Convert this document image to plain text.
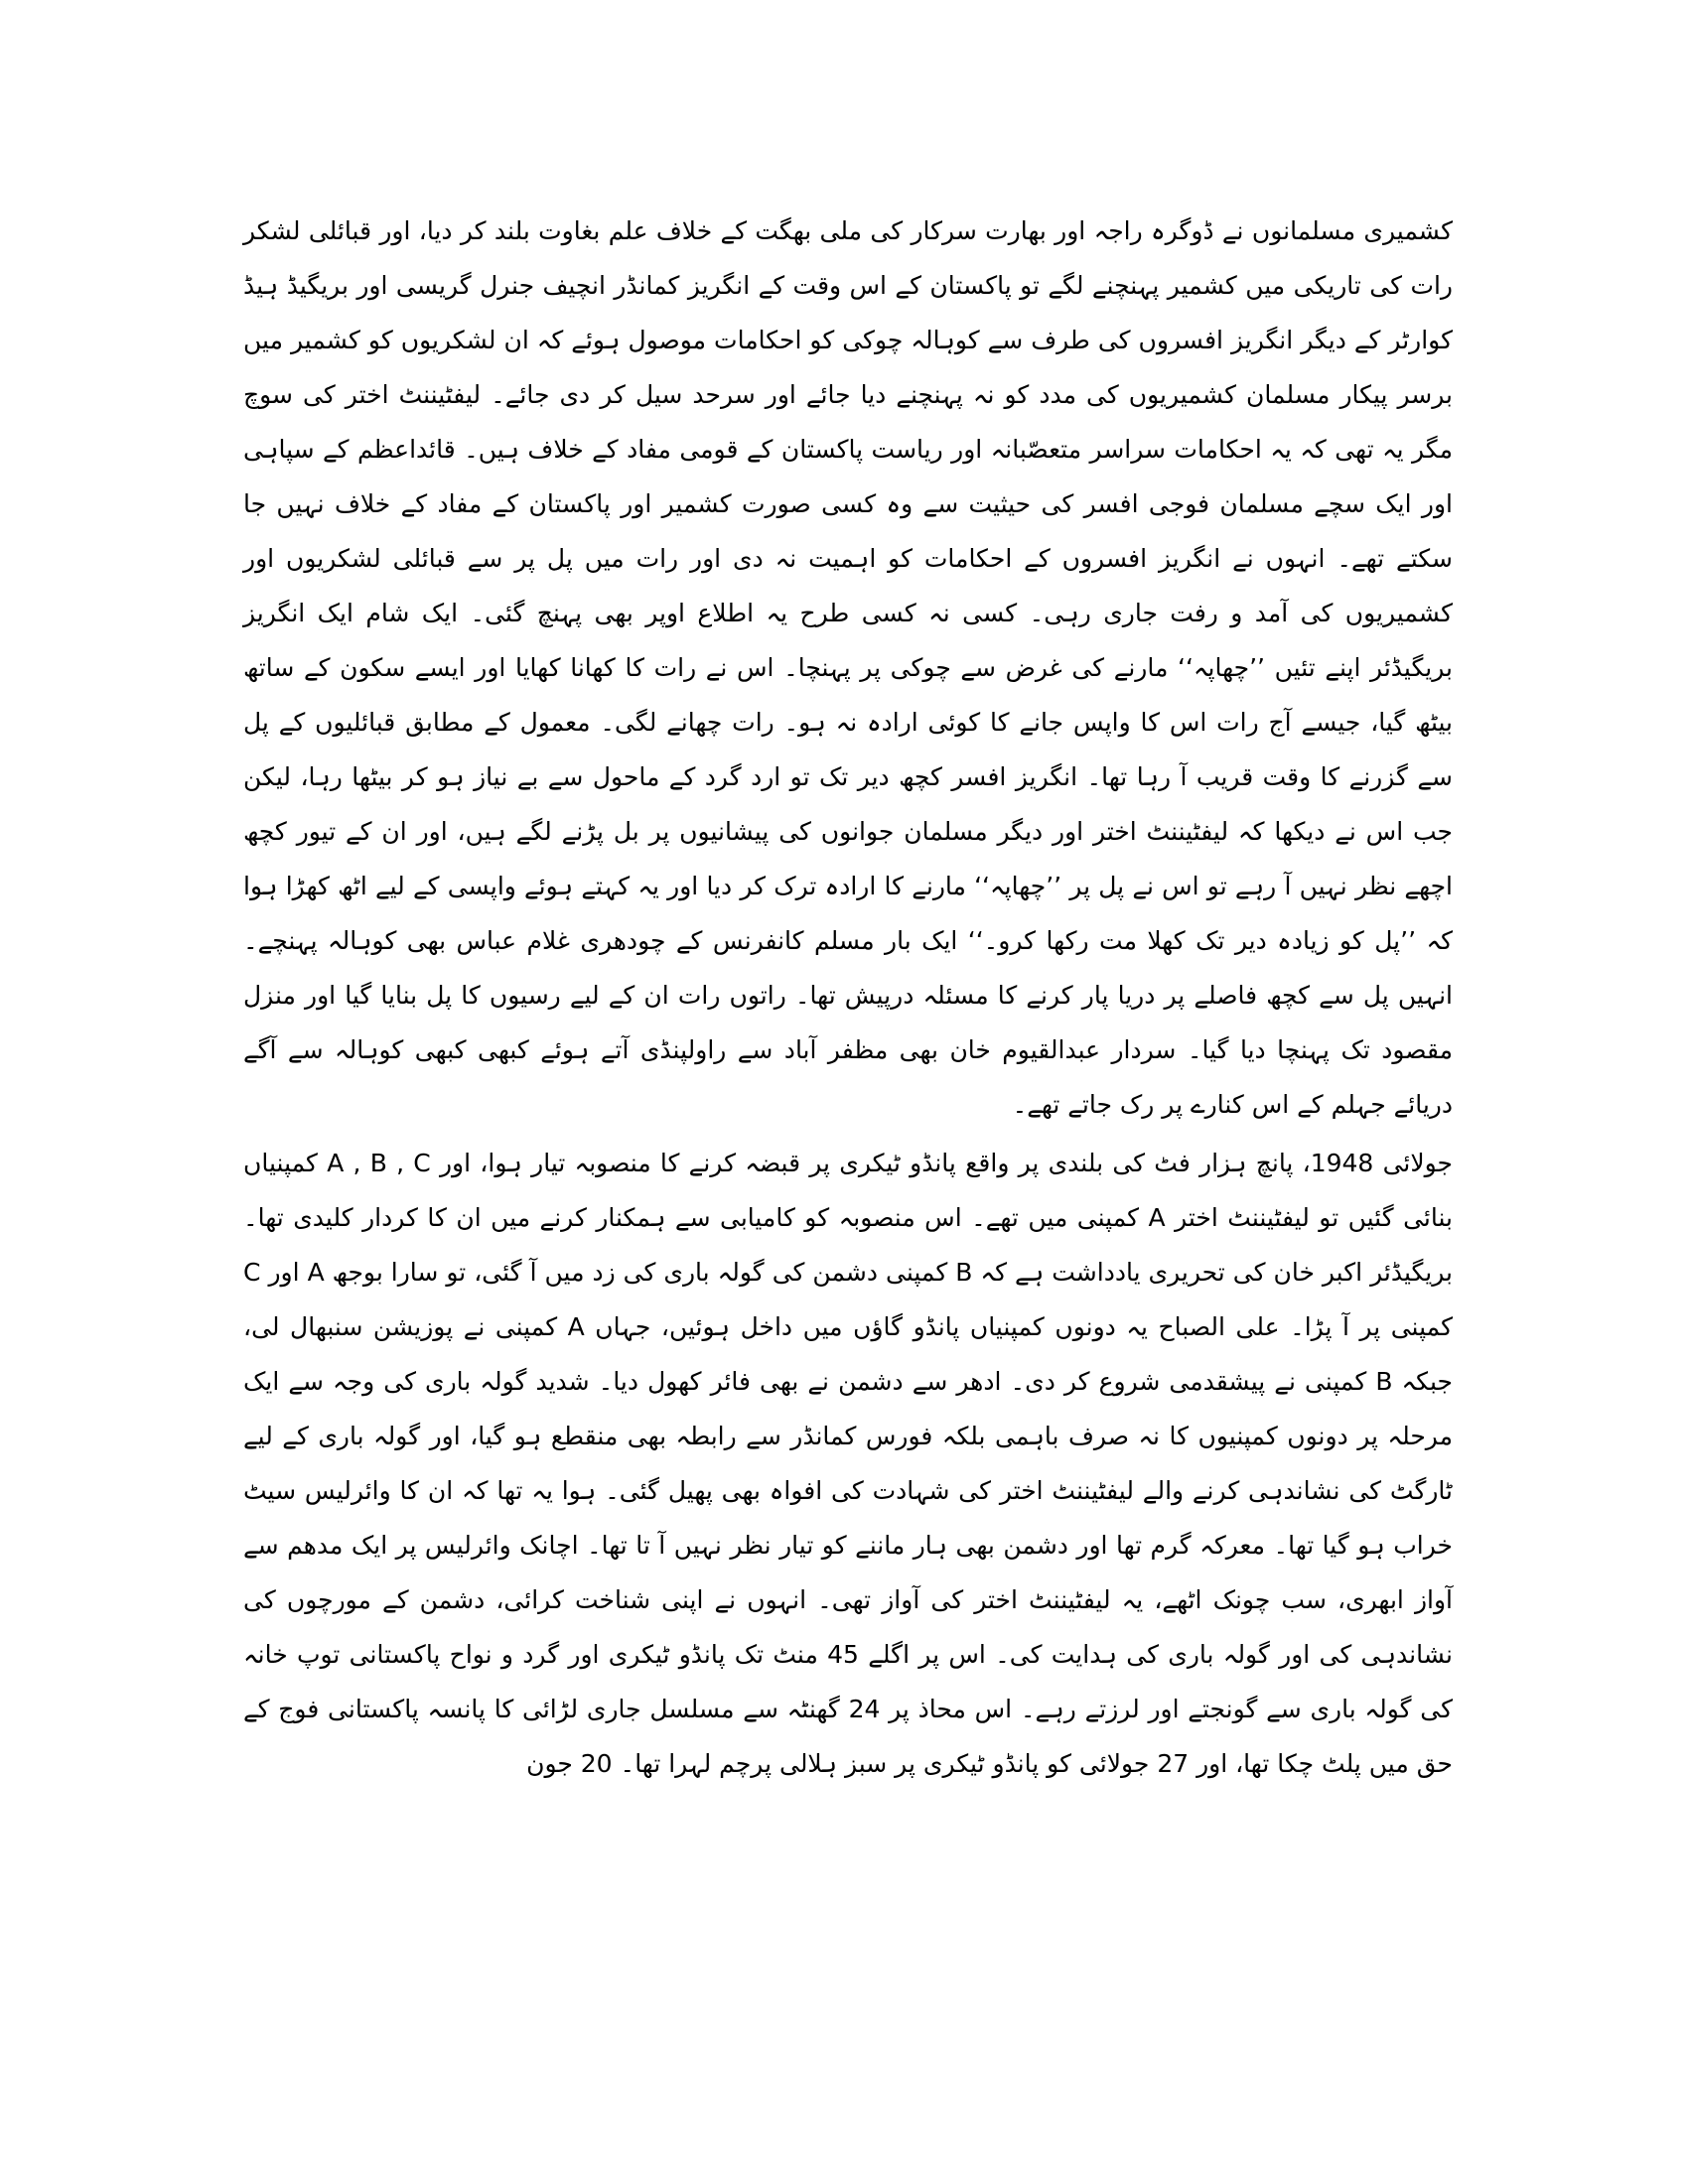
کشمیری مسلمانوں نے ڈوگرہ راجہ اور بھارت سرکار کی ملی بھگت کے خلاف علم بغاوت بلند کر دیا، اور قبائلی لشکر رات کی تاریکی میں کشمیر پہنچنے لگے تو پاکستان کے اس وقت کے انگریز کمانڈر انچیف جنرل گریسی اور بریگیڈ ہیڈ کوارٹر کے دیگر انگریز افسروں کی طرف سے کوہالہ چوکی کو احکامات موصول ہوئے کہ ان لشکریوں کو کشمیر میں برسر پیکار مسلمان کشمیریوں کی مدد کو نہ پہنچنے دیا جائے اور سرحد سیل کر دی جائے۔ لیفٹیننٹ اختر کی سوچ مگر یہ تھی کہ یہ احکامات سراسر متعصّبانہ اور ریاست پاکستان کے قومی مفاد کے خلاف ہیں۔ قائداعظم کے سپاہی اور ایک سچے مسلمان فوجی افسر کی حیثیت سے وہ کسی صورت کشمیر اور پاکستان کے مفاد کے خلاف نہیں جا سکتے تھے۔ انہوں نے انگریز افسروں کے احکامات کو اہمیت نہ دی اور رات میں پل پر سے قبائلی لشکریوں اور کشمیریوں کی آمد و رفت جاری رہی۔ کسی نہ کسی طرح یہ اطلاع اوپر بھی پہنچ گئی۔ ایک شام ایک انگریز بریگیڈئر اپنے تئیں ’’چھاپہ‘‘ مارنے کی غرض سے چوکی پر پہنچا۔ اس نے رات کا کھانا کھایا اور ایسے سکون کے ساتھ بیٹھ گیا، جیسے آج رات اس کا واپس جانے کا کوئی ارادہ نہ ہو۔ رات چھانے لگی۔ معمول کے مطابق قبائلیوں کے پل سے گزرنے کا وقت قریب آ رہا تھا۔ انگریز افسر کچھ دیر تک تو ارد گرد کے ماحول سے بے نیاز ہو کر بیٹھا رہا، لیکن جب اس نے دیکھا کہ لیفٹیننٹ اختر اور دیگر مسلمان جوانوں کی پیشانیوں پر بل پڑنے لگے ہیں، اور ان کے تیور کچھ اچھے نظر نہیں آ رہے تو اس نے پل پر ’’چھاپہ‘‘ مارنے کا ارادہ ترک کر دیا اور یہ کہتے ہوئے واپسی کے لیے اٹھ کھڑا ہوا کہ ’’پل کو زیادہ دیر تک کھلا مت رکھا کرو۔‘‘ ایک بار مسلم کانفرنس کے چودھری غلام عباس بھی کوہالہ پہنچے۔ انہیں پل سے کچھ فاصلے پر دریا پار کرنے کا مسئلہ درپیش تھا۔ راتوں رات ان کے لیے رسیوں کا پل بنایا گیا اور منزل مقصود تک پہنچا دیا گیا۔ سردار عبدالقیوم خان بھی مظفر آباد سے راولپنڈی آتے ہوئے کبھی کبھی کوہالہ سے آگے دریائے جہلم کے اس کنارے پر رک جاتے تھے۔

جولائی 1948، پانچ ہزار فٹ کی بلندی پر واقع پانڈو ٹیکری پر قبضہ کرنے کا منصوبہ تیار ہوا، اور A , B , C کمپنیاں بنائی گئیں تو لیفٹیننٹ اختر A کمپنی میں تھے۔ اس منصوبہ کو کامیابی سے ہمکنار کرنے میں ان کا کردار کلیدی تھا۔ بریگیڈئر اکبر خان کی تحریری یادداشت ہے کہ B کمپنی دشمن کی گولہ باری کی زد میں آ گئی، تو سارا بوجھ A اور C کمپنی پر آ پڑا۔ علی الصباح یہ دونوں کمپنیاں پانڈو گاؤں میں داخل ہوئیں، جہاں A کمپنی نے پوزیشن سنبھال لی، جبکہ B کمپنی نے پیشقدمی شروع کر دی۔ ادھر سے دشمن نے بھی فائر کھول دیا۔ شدید گولہ باری کی وجہ سے ایک مرحلہ پر دونوں کمپنیوں کا نہ صرف باہمی بلکہ فورس کمانڈر سے رابطہ بھی منقطع ہو گیا، اور گولہ باری کے لیے ٹارگٹ کی نشاندہی کرنے والے لیفٹیننٹ اختر کی شہادت کی افواہ بھی پھیل گئی۔ ہوا یہ تھا کہ ان کا وائرلیس سیٹ خراب ہو گیا تھا۔ معرکہ گرم تھا اور دشمن بھی ہار ماننے کو تیار نظر نہیں آ تا تھا۔ اچانک وائرلیس پر ایک مدھم سے آواز ابھری، سب چونک اٹھے، یہ لیفٹیننٹ اختر کی آواز تھی۔ انہوں نے اپنی شناخت کرائی، دشمن کے مورچوں کی نشاندہی کی اور گولہ باری کی ہدایت کی۔ اس پر اگلے 45 منٹ تک پانڈو ٹیکری اور گرد و نواح پاکستانی توپ خانہ کی گولہ باری سے گونجتے اور لرزتے رہے۔ اس محاذ پر 24 گھنٹہ سے مسلسل جاری لڑائی کا پانسہ پاکستانی فوج کے حق میں پلٹ چکا تھا، اور 27 جولائی کو پانڈو ٹیکری پر سبز ہلالی پرچم لہرا تھا۔ 20 جون
